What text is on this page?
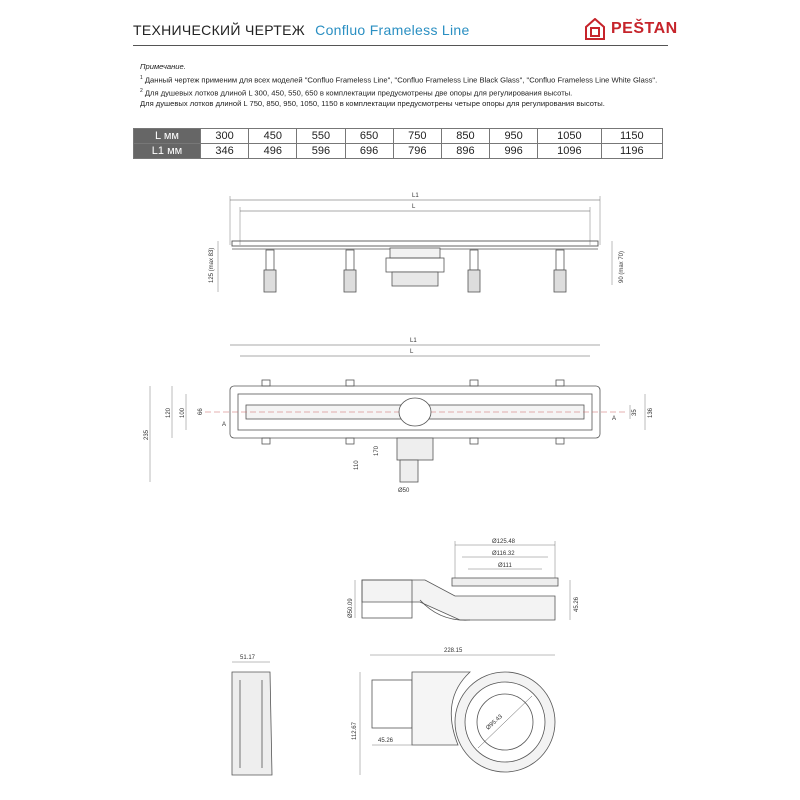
ТЕХНИЧЕСКИЙ ЧЕРТЕЖ Confluo Frameless Line	PEŠTAN
Примечание.
$^1$ Данный чертеж применим для всех моделей "Confluo Frameless Line", "Confluo Frameless Line Black Glass", "Confluo Frameless Line White Glass".
$^2$ Для душевых лотков длиной L 300, 450, 550, 650 в комплектации предусмотрены две опоры для регулирования высоты.
Для душевых лотков длиной L 750, 850, 950, 1050, 1150 в комплектации предусмотрены четыре опоры для регулирования высоты.
L мм	300	450	550	650	750	850	950	1050	1150
L1 мм	346	496	596	696	796	896	996	1096	1196
L1
L
125 (max 83)	90 (max 70)
L1
L
235
120 100 66
110
170
35 136
Ø50
A
A
Ø125.48
Ø116.32
Ø111
45.26
Ø50.09
51.17
228.15
112.67
45.26
Ø95.43
